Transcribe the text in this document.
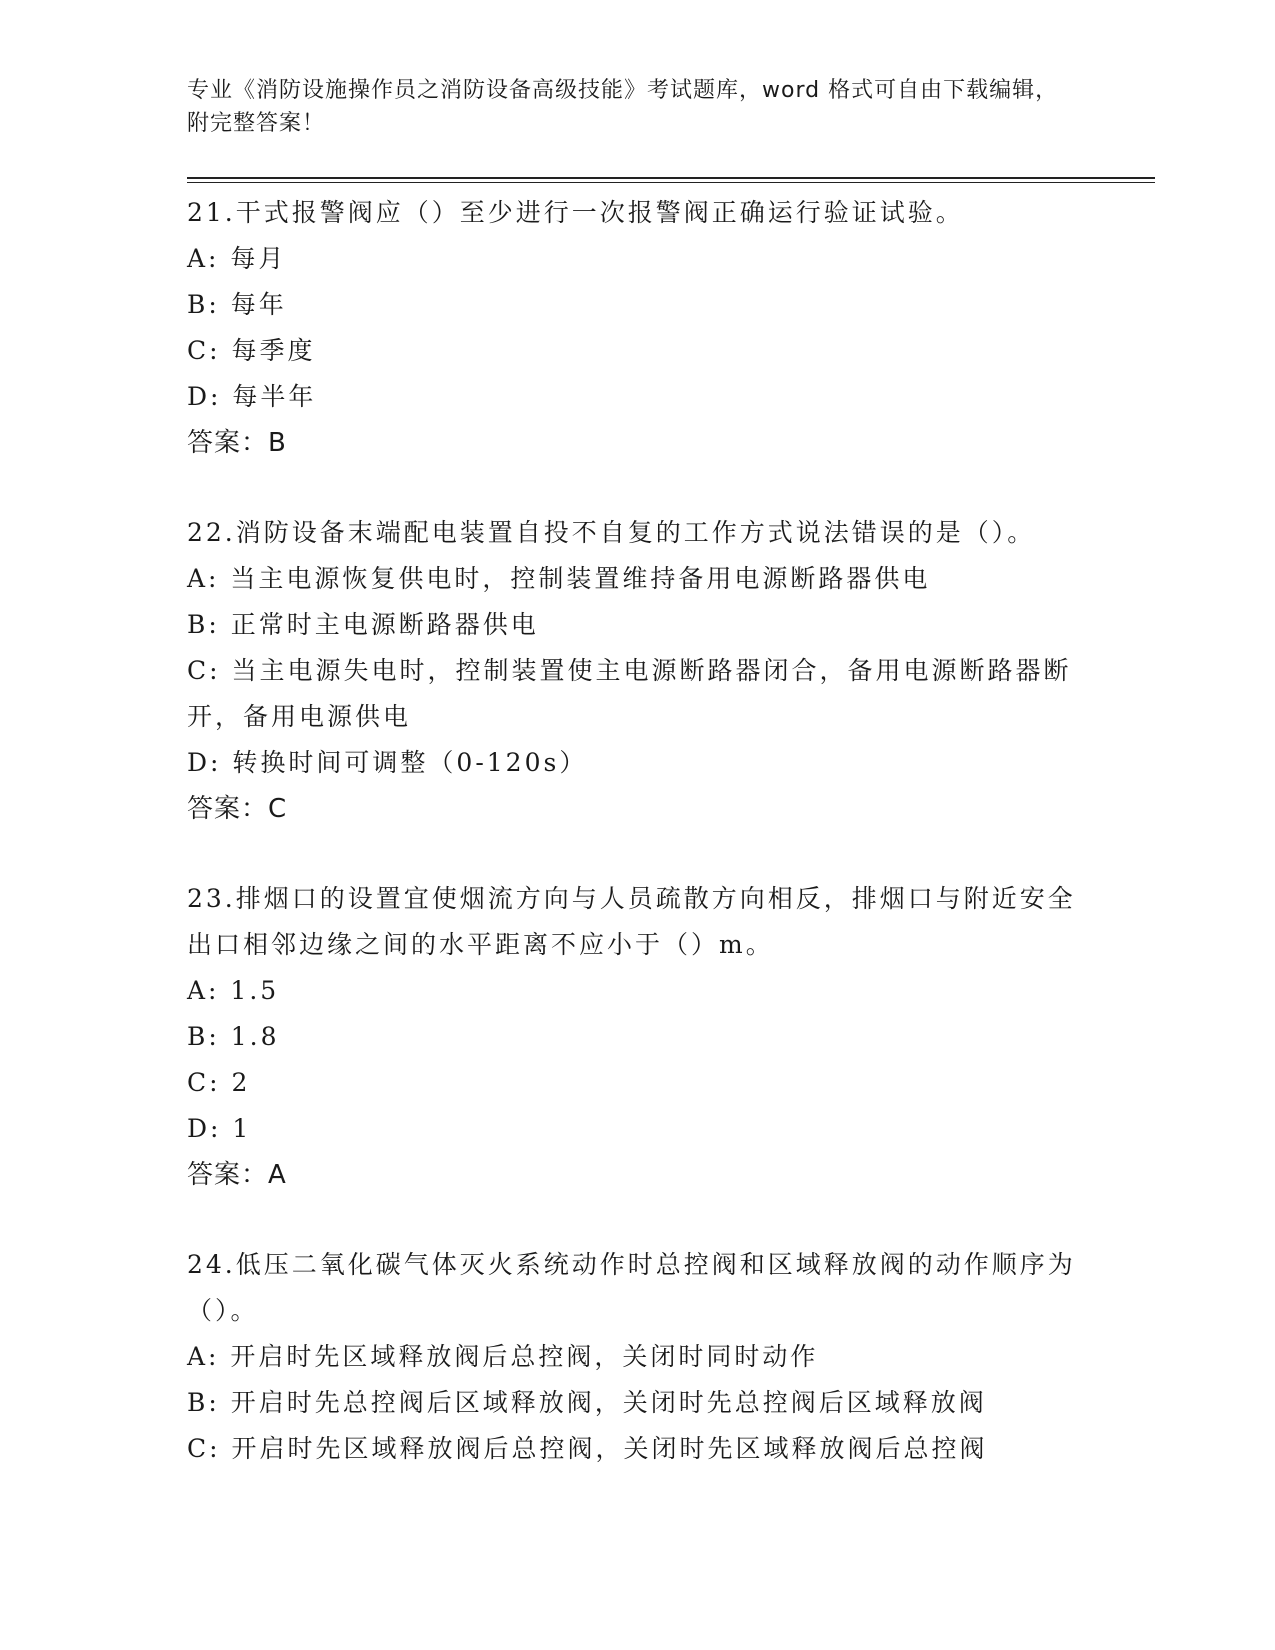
专业《消防设施操作员之消防设备高级技能》考试题库，word 格式可自由下载编辑，附完整答案！
21.干式报警阀应（）至少进行一次报警阀正确运行验证试验。
A: 每月
B: 每年
C: 每季度
D: 每半年
答案：B
22.消防设备末端配电装置自投不自复的工作方式说法错误的是（）。
A: 当主电源恢复供电时，控制装置维持备用电源断路器供电
B: 正常时主电源断路器供电
C: 当主电源失电时，控制装置使主电源断路器闭合，备用电源断路器断开，备用电源供电
D: 转换时间可调整（0-120s）
答案：C
23.排烟口的设置宜使烟流方向与人员疏散方向相反，排烟口与附近安全出口相邻边缘之间的水平距离不应小于（）m。
A: 1.5
B: 1.8
C: 2
D: 1
答案：A
24.低压二氧化碳气体灭火系统动作时总控阀和区域释放阀的动作顺序为（）。
A: 开启时先区域释放阀后总控阀，关闭时同时动作
B: 开启时先总控阀后区域释放阀，关闭时先总控阀后区域释放阀
C: 开启时先区域释放阀后总控阀，关闭时先区域释放阀后总控阀
